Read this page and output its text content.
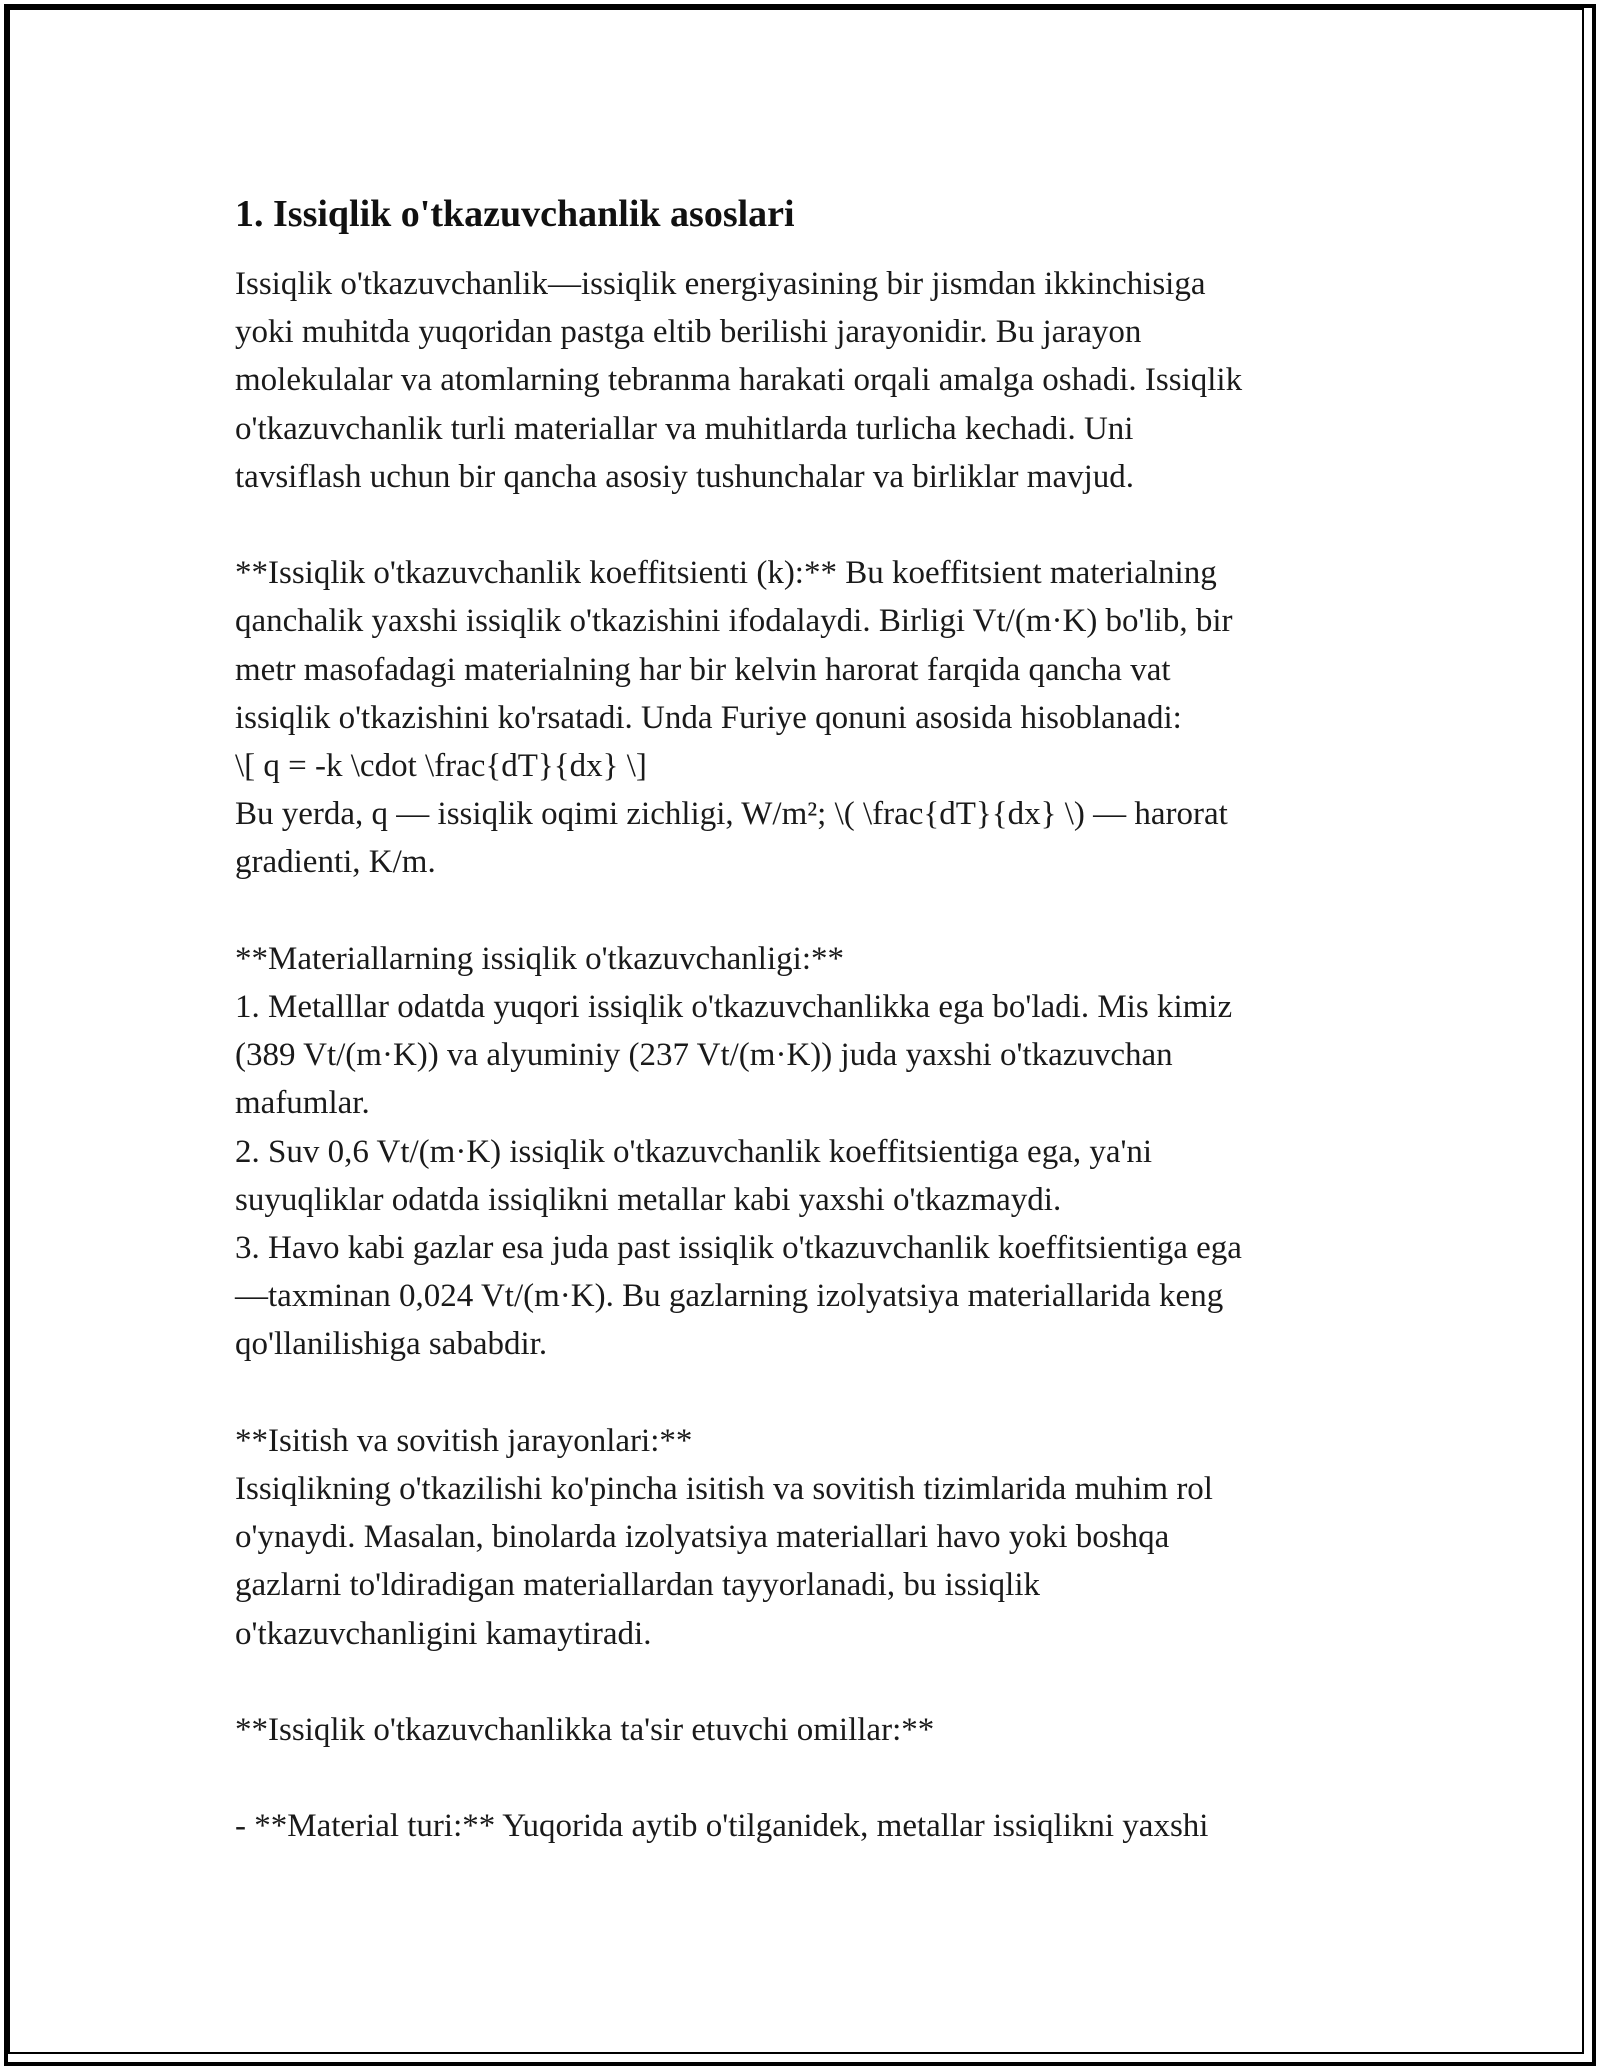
1. Issiqlik o'tkazuvchanlik asoslari
Issiqlik o'tkazuvchanlik—issiqlik energiyasining bir jismdan ikkinchisiga
yoki muhitda yuqoridan pastga eltib berilishi jarayonidir. Bu jarayon
molekulalar va atomlarning tebranma harakati orqali amalga oshadi. Issiqlik
o'tkazuvchanlik turli materiallar va muhitlarda turlicha kechadi. Uni
tavsiflash uchun bir qancha asosiy tushunchalar va birliklar mavjud.
**Issiqlik o'tkazuvchanlik koeffitsienti (k):** Bu koeffitsient materialning
qanchalik yaxshi issiqlik o'tkazishini ifodalaydi. Birligi Vt/(m·K) bo'lib, bir
metr masofadagi materialning har bir kelvin harorat farqida qancha vat
issiqlik o'tkazishini ko'rsatadi. Unda Furiye qonuni asosida hisoblanadi:
\[ q = -k \cdot \frac{dT}{dx} \]
Bu yerda, q — issiqlik oqimi zichligi, W/m²; \( \frac{dT}{dx} \) — harorat
gradienti, K/m.
**Materiallarning issiqlik o'tkazuvchanligi:**
1. Metalllar odatda yuqori issiqlik o'tkazuvchanlikka ega bo'ladi. Mis kimiz
(389 Vt/(m·K)) va alyuminiy (237 Vt/(m·K)) juda yaxshi o'tkazuvchan
mafumlar.
2. Suv 0,6 Vt/(m·K) issiqlik o'tkazuvchanlik koeffitsientiga ega, ya'ni
suyuqliklar odatda issiqlikni metallar kabi yaxshi o'tkazmaydi.
3. Havo kabi gazlar esa juda past issiqlik o'tkazuvchanlik koeffitsientiga ega
—taxminan 0,024 Vt/(m·K). Bu gazlarning izolyatsiya materiallarida keng
qo'llanilishiga sababdir.
**Isitish va sovitish jarayonlari:**
Issiqlikning o'tkazilishi ko'pincha isitish va sovitish tizimlarida muhim rol
o'ynaydi. Masalan, binolarda izolyatsiya materiallari havo yoki boshqa
gazlarni to'ldiradigan materiallardan tayyorlanadi, bu issiqlik
o'tkazuvchanligini kamaytiradi.
**Issiqlik o'tkazuvchanlikka ta'sir etuvchi omillar:**
- **Material turi:** Yuqorida aytib o'tilganidek, metallar issiqlikni yaxshi
